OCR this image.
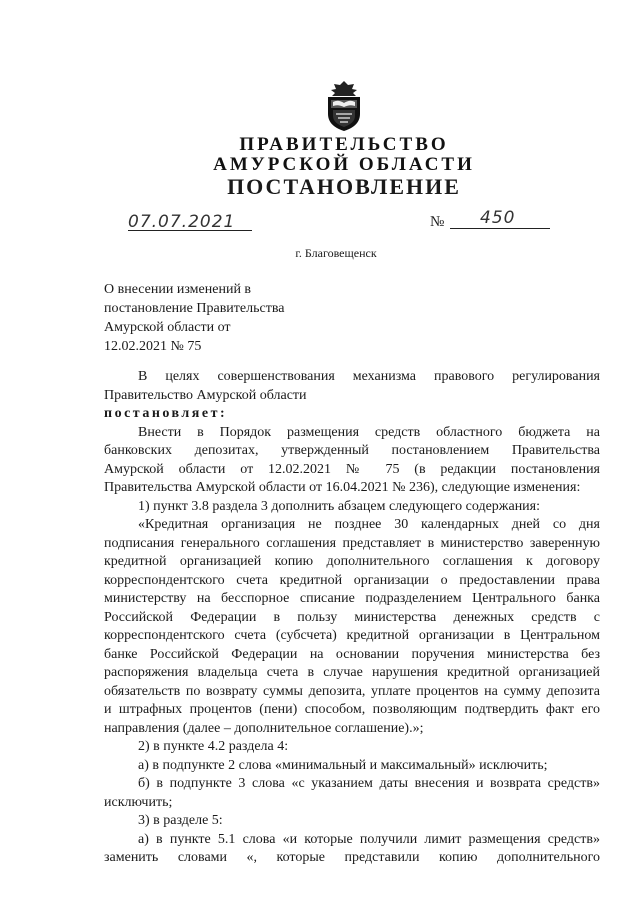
ПРАВИТЕЛЬСТВО
АМУРСКОЙ ОБЛАСТИ
ПОСТАНОВЛЕНИЕ
07.07.2021	№ 450
г. Благовещенск
О внесении изменений в
постановление Правительства
Амурской области от
12.02.2021 № 75
В целях совершенствования механизма правового регулирования
Правительство Амурской области
постановляет:
Внести в Порядок размещения средств областного бюджета на
банковских депозитах, утвержденный постановлением Правительства
Амурской области от 12.02.2021 № 75 (в редакции постановления
Правительства Амурской области от 16.04.2021 № 236), следующие изменения:
1) пункт 3.8 раздела 3 дополнить абзацем следующего содержания:
«Кредитная организация не позднее 30 календарных дней со дня
подписания генерального соглашения представляет в министерство заверенную
кредитной организацией копию дополнительного соглашения к договору
корреспондентского счета кредитной организации о предоставлении права
министерству на бесспорное списание подразделением Центрального банка
Российской Федерации в пользу министерства денежных средств с
корреспондентского счета (субсчета) кредитной организации в Центральном
банке Российской Федерации на основании поручения министерства без
распоряжения владельца счета в случае нарушения кредитной организацией
обязательств по возврату суммы депозита, уплате процентов на сумму депозита
и штрафных процентов (пени) способом, позволяющим подтвердить факт его
направления (далее – дополнительное соглашение).»;
2) в пункте 4.2 раздела 4:
а) в подпункте 2 слова «минимальный и максимальный» исключить;
б) в подпункте 3 слова «с указанием даты внесения и возврата средств»
исключить;
3) в разделе 5:
а) в пункте 5.1 слова «и которые получили лимит размещения средств»
заменить словами «, которые представили копию дополнительного
